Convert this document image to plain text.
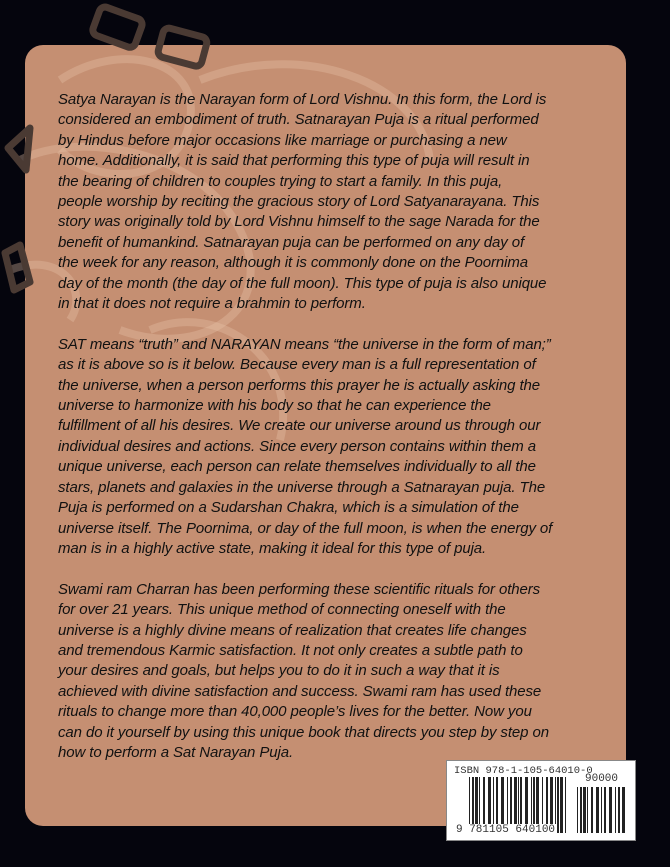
Satya Narayan is the Narayan form of Lord Vishnu. In this form, the Lord is
considered an embodiment of truth. Satnarayan Puja is a ritual performed
by Hindus before major occasions like marriage or purchasing a new
home. Additionally, it is said that performing this type of puja will result in
the bearing of children to couples trying to start a family. In this puja,
people worship by reciting the gracious story of Lord Satyanarayana. This
story was originally told by Lord Vishnu himself to the sage Narada for the
benefit of humankind. Satnarayan puja can be performed on any day of
the week for any reason, although it is commonly done on the Poornima
day of the month (the day of the full moon). This type of puja is also unique
in that it does not require a brahmin to perform.
SAT means “truth” and NARAYAN means “the universe in the form of man;”
as it is above so is it below. Because every man is a full representation of
the universe, when a person performs this prayer he is actually asking the
universe to harmonize with his body so that he can experience the
fulfillment of all his desires. We create our universe around us through our
individual desires and actions. Since every person contains within them a
unique universe, each person can relate themselves individually to all the
stars, planets and galaxies in the universe through a Satnarayan puja. The
Puja is performed on a Sudarshan Chakra, which is a simulation of the
universe itself. The Poornima, or day of the full moon, is when the energy of
man is in a highly active state, making it ideal for this type of puja.
Swami ram Charran has been performing these scientific rituals for others
for over 21 years. This unique method of connecting oneself with the
universe is a highly divine means of realization that creates life changes
and tremendous Karmic satisfaction. It not only creates a subtle path to
your desires and goals, but helps you to do it in such a way that it is
achieved with divine satisfaction and success. Swami ram has used these
rituals to change more than 40,000 people’s lives for the better. Now you
can do it yourself by using this unique book that directs you step by step on
how to perform a Sat Narayan Puja.
ISBN 978-1-105-64010-0
90000
9 781105 640100
